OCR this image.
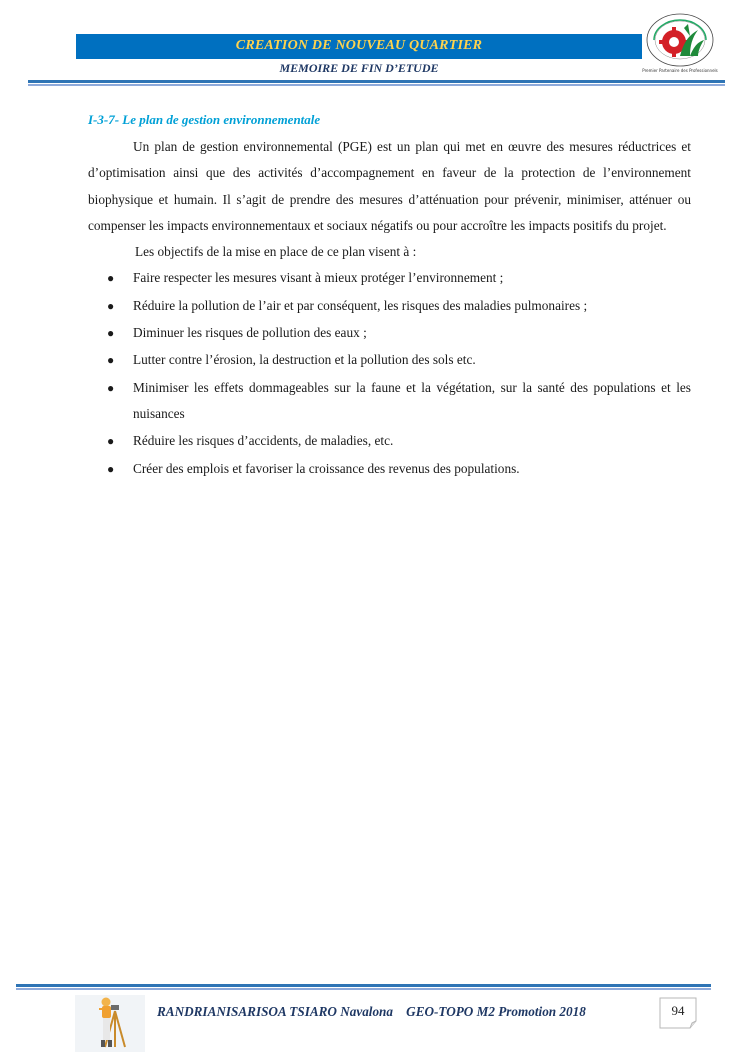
CREATION DE NOUVEAU QUARTIER
MEMOIRE DE FIN D’ETUDE	Premier Partenaire des Professionnels

I-3-7- Le plan de gestion environnementale

Un plan de gestion environnemental (PGE) est un plan qui met en œuvre des mesures réductrices et d’optimisation ainsi que des activités d’accompagnement en faveur de la protection de l’environnement biophysique et humain. Il s’agit de prendre des mesures d’atténuation pour prévenir, minimiser, atténuer ou compenser les impacts environnementaux et sociaux négatifs ou pour accroître les impacts positifs du projet.

Les objectifs de la mise en place de ce plan visent à :

● Faire respecter les mesures visant à mieux protéger l’environnement ;
● Réduire la pollution de l’air et par conséquent, les risques des maladies pulmonaires ;
● Diminuer les risques de pollution des eaux ;
● Lutter contre l’érosion, la destruction et la pollution des sols etc.
● Minimiser les effets dommageables sur la faune et la végétation, sur la santé des populations et les nuisances
● Réduire les risques d’accidents, de maladies, etc.
● Créer des emplois et favoriser la croissance des revenus des populations.
RANDRIANISARISOA TSIARO Navalona GEO-TOPO M2 Promotion 2018	94
